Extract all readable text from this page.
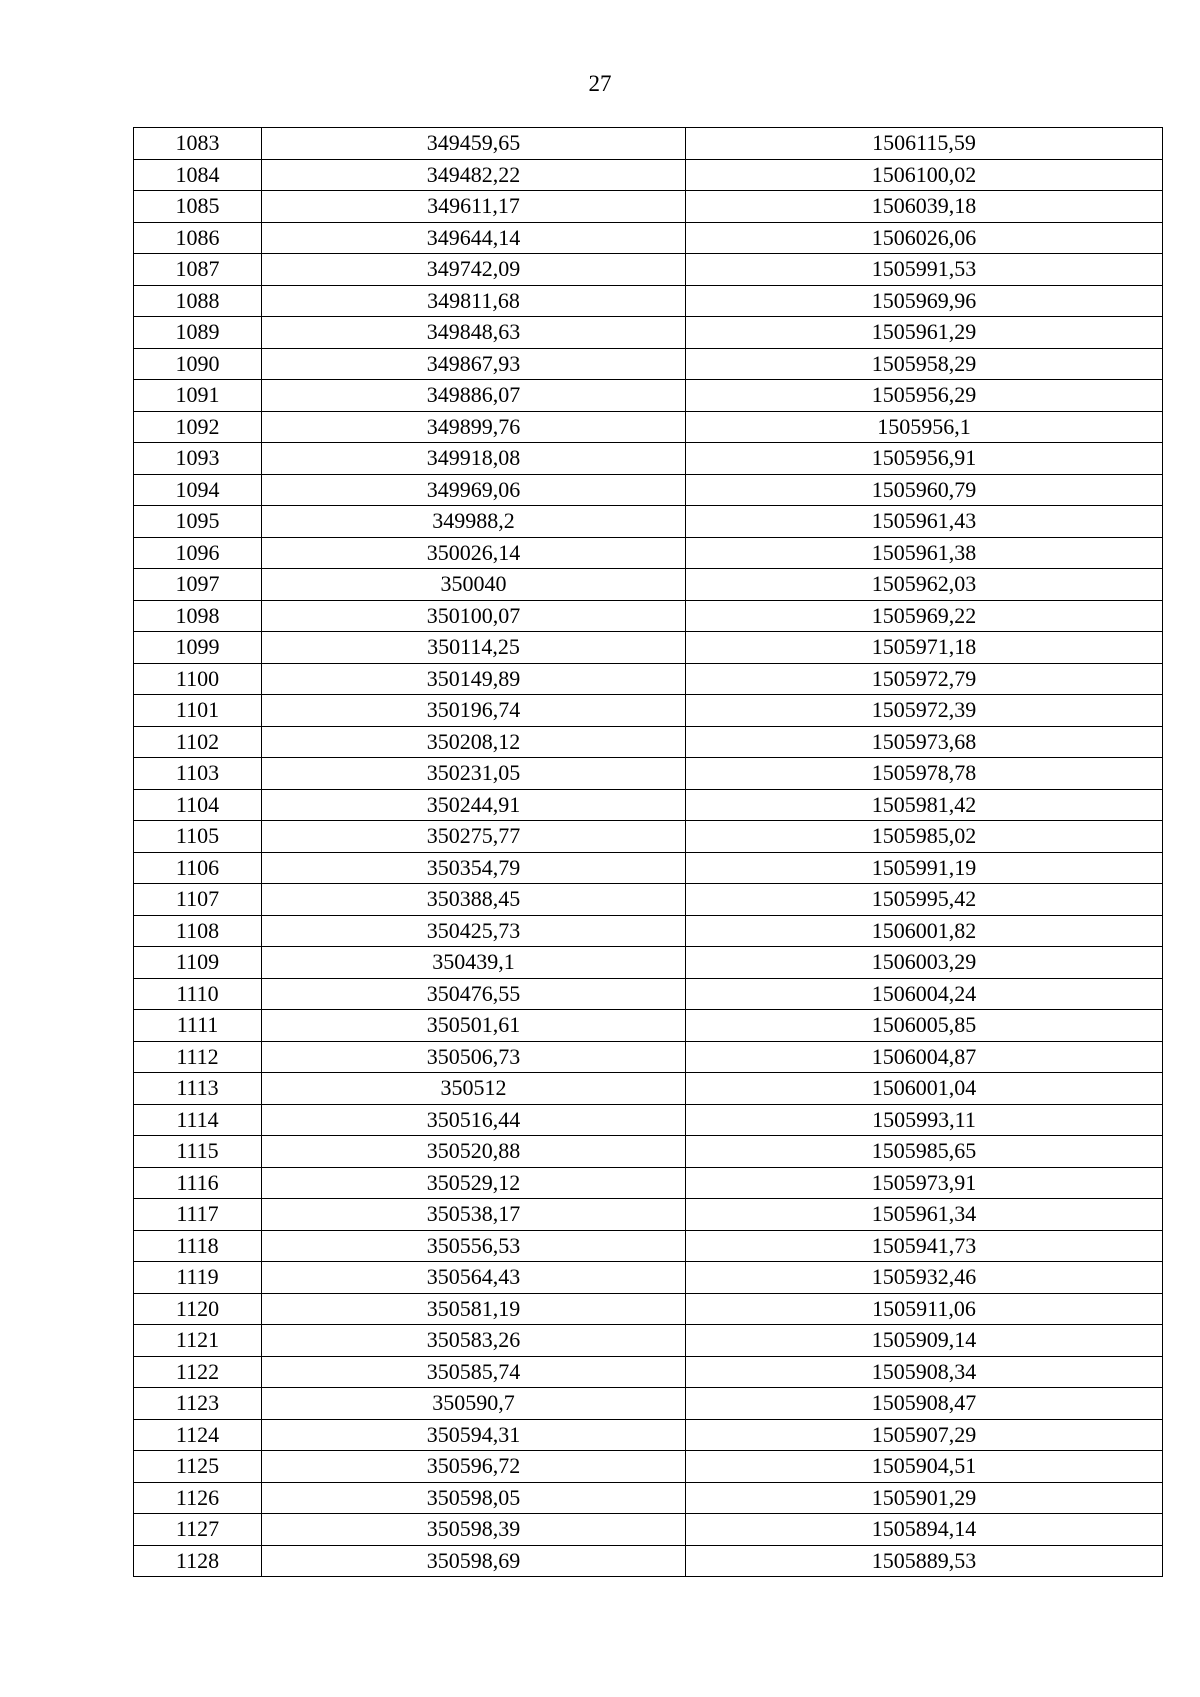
27
1083	349459,65	1506115,59
1084	349482,22	1506100,02
1085	349611,17	1506039,18
1086	349644,14	1506026,06
1087	349742,09	1505991,53
1088	349811,68	1505969,96
1089	349848,63	1505961,29
1090	349867,93	1505958,29
1091	349886,07	1505956,29
1092	349899,76	1505956,1
1093	349918,08	1505956,91
1094	349969,06	1505960,79
1095	349988,2	1505961,43
1096	350026,14	1505961,38
1097	350040	1505962,03
1098	350100,07	1505969,22
1099	350114,25	1505971,18
1100	350149,89	1505972,79
1101	350196,74	1505972,39
1102	350208,12	1505973,68
1103	350231,05	1505978,78
1104	350244,91	1505981,42
1105	350275,77	1505985,02
1106	350354,79	1505991,19
1107	350388,45	1505995,42
1108	350425,73	1506001,82
1109	350439,1	1506003,29
1110	350476,55	1506004,24
1111	350501,61	1506005,85
1112	350506,73	1506004,87
1113	350512	1506001,04
1114	350516,44	1505993,11
1115	350520,88	1505985,65
1116	350529,12	1505973,91
1117	350538,17	1505961,34
1118	350556,53	1505941,73
1119	350564,43	1505932,46
1120	350581,19	1505911,06
1121	350583,26	1505909,14
1122	350585,74	1505908,34
1123	350590,7	1505908,47
1124	350594,31	1505907,29
1125	350596,72	1505904,51
1126	350598,05	1505901,29
1127	350598,39	1505894,14
1128	350598,69	1505889,53
